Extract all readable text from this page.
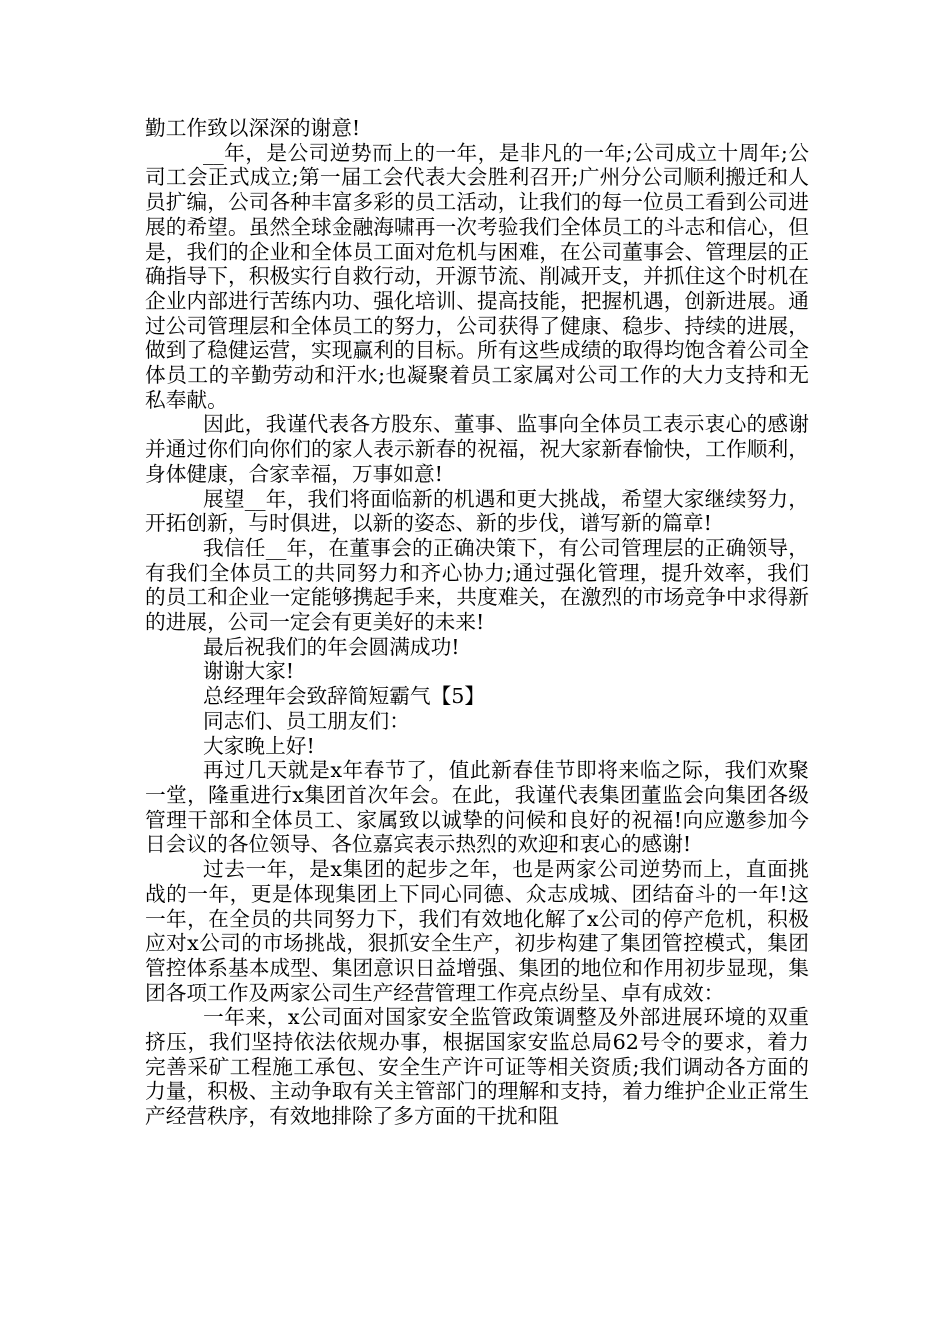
勤工作致以深深的谢意!

__年，是公司逆势而上的一年，是非凡的一年;公司成立十周年;公司工会正式成立;第一届工会代表大会胜利召开;广州分公司顺利搬迁和人员扩编，公司各种丰富多彩的员工活动，让我们的每一位员工看到公司进展的希望。虽然全球金融海啸再一次考验我们全体员工的斗志和信心，但是，我们的企业和全体员工面对危机与困难，在公司董事会、管理层的正确指导下，积极实行自救行动，开源节流、削减开支，并抓住这个时机在企业内部进行苦练内功、强化培训、提高技能，把握机遇，创新进展。通过公司管理层和全体员工的努力，公司获得了健康、稳步、持续的进展，做到了稳健运营，实现赢利的目标。所有这些成绩的取得均饱含着公司全体员工的辛勤劳动和汗水;也凝聚着员工家属对公司工作的大力支持和无私奉献。

因此，我谨代表各方股东、董事、监事向全体员工表示衷心的感谢并通过你们向你们的家人表示新春的祝福，祝大家新春愉快，工作顺利，身体健康，合家幸福，万事如意!

展望__年，我们将面临新的机遇和更大挑战，希望大家继续努力，开拓创新，与时俱进，以新的姿态、新的步伐，谱写新的篇章!

我信任__年，在董事会的正确决策下，有公司管理层的正确领导，有我们全体员工的共同努力和齐心协力;通过强化管理，提升效率，我们的员工和企业一定能够携起手来，共度难关，在激烈的市场竞争中求得新的进展，公司一定会有更美好的未来!

最后祝我们的年会圆满成功!

谢谢大家!

总经理年会致辞简短霸气【5】

同志们、员工朋友们：

大家晚上好!

再过几天就是x年春节了，值此新春佳节即将来临之际，我们欢聚一堂，隆重进行x集团首次年会。在此，我谨代表集团董监会向集团各级管理干部和全体员工、家属致以诚挚的问候和良好的祝福!向应邀参加今日会议的各位领导、各位嘉宾表示热烈的欢迎和衷心的感谢!

过去一年，是x集团的起步之年，也是两家公司逆势而上，直面挑战的一年，更是体现集团上下同心同德、众志成城、团结奋斗的一年!这一年，在全员的共同努力下，我们有效地化解了x公司的停产危机，积极应对x公司的市场挑战，狠抓安全生产，初步构建了集团管控模式，集团管控体系基本成型、集团意识日益增强、集团的地位和作用初步显现，集团各项工作及两家公司生产经营管理工作亮点纷呈、卓有成效：

一年来，x公司面对国家安全监管政策调整及外部进展环境的双重挤压，我们坚持依法依规办事，根据国家安监总局62号令的要求，着力完善采矿工程施工承包、安全生产许可证等相关资质;我们调动各方面的力量，积极、主动争取有关主管部门的理解和支持，着力维护企业正常生产经营秩序，有效地排除了多方面的干扰和阻
